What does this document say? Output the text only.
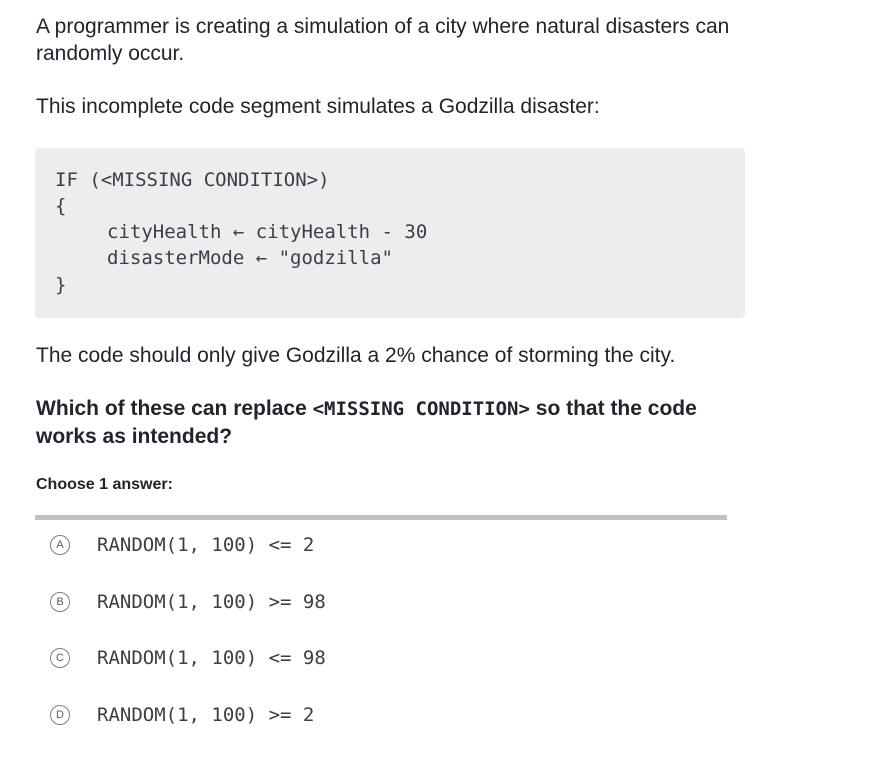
A programmer is creating a simulation of a city where natural disasters can randomly occur.

This incomplete code segment simulates a Godzilla disaster:

IF (<MISSING CONDITION>)
{
cityHealth ← cityHealth - 30
disasterMode ← "godzilla"
}

The code should only give Godzilla a 2% chance of storming the city.

Which of these can replace <MISSING CONDITION> so that the code works as intended?
Choose 1 answer:
A	RANDOM(1, 100) <= 2
B	RANDOM(1, 100) >= 98
C	RANDOM(1, 100) <= 98
D	RANDOM(1, 100) >= 2
